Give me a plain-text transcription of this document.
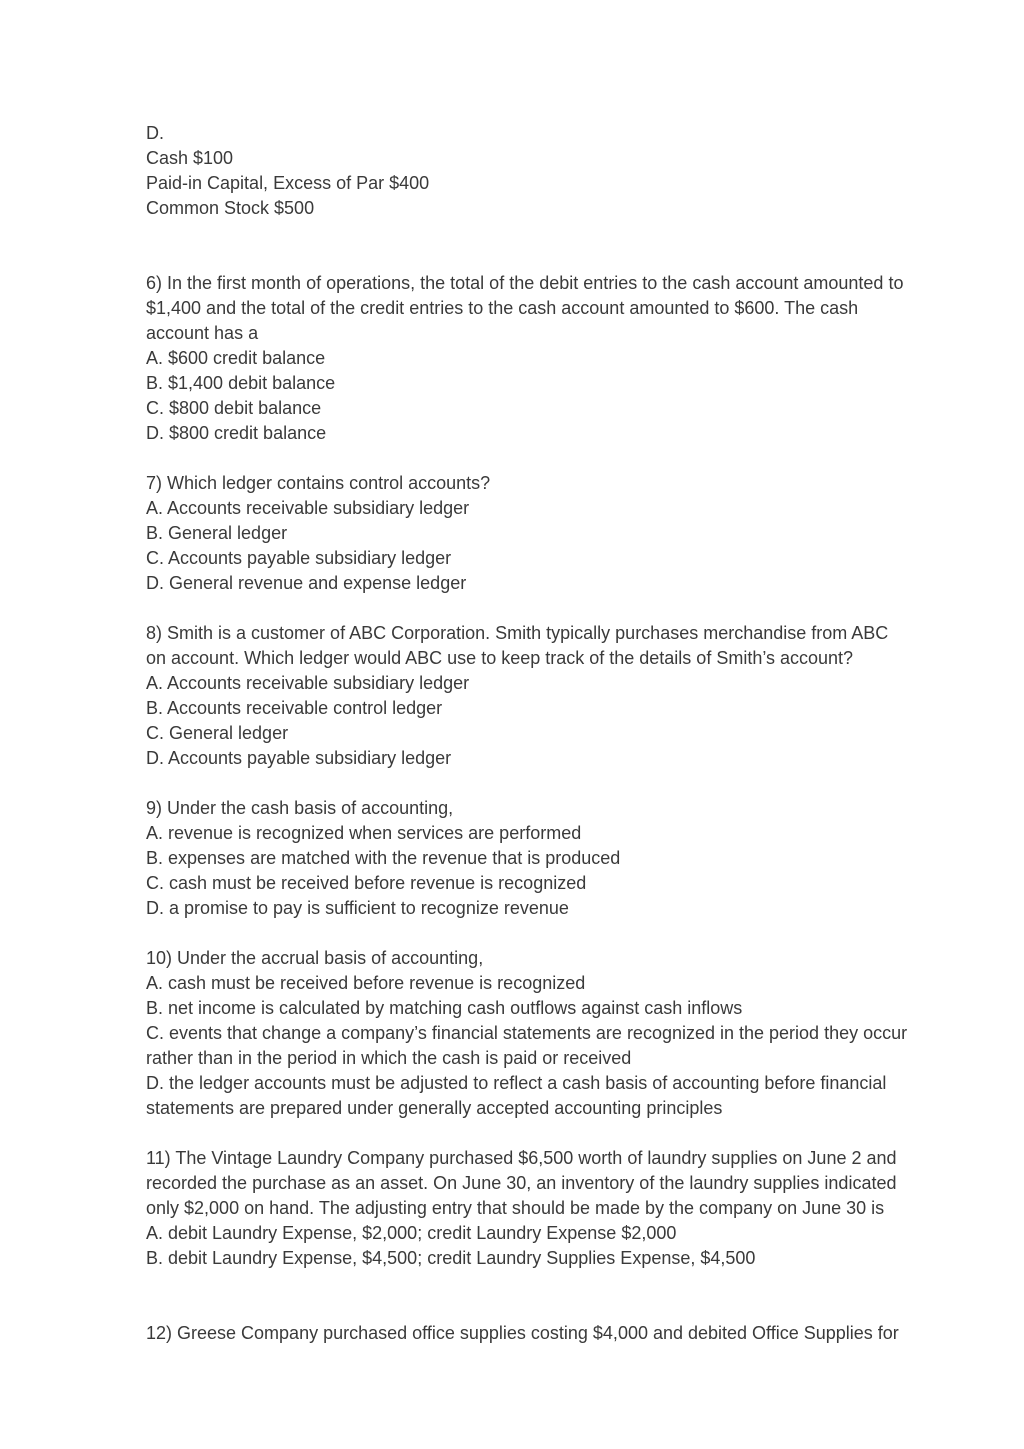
D.
Cash $100
Paid-in Capital, Excess of Par $400
Common Stock $500
6) In the first month of operations, the total of the debit entries to the cash account amounted to
$1,400 and the total of the credit entries to the cash account amounted to $600. The cash
account has a
A. $600 credit balance
B. $1,400 debit balance
C. $800 debit balance
D. $800 credit balance
7) Which ledger contains control accounts?
A. Accounts receivable subsidiary ledger
B. General ledger
C. Accounts payable subsidiary ledger
D. General revenue and expense ledger
8) Smith is a customer of ABC Corporation. Smith typically purchases merchandise from ABC
on account. Which ledger would ABC use to keep track of the details of Smith’s account?
A. Accounts receivable subsidiary ledger
B. Accounts receivable control ledger
C. General ledger
D. Accounts payable subsidiary ledger
9) Under the cash basis of accounting,
A. revenue is recognized when services are performed
B. expenses are matched with the revenue that is produced
C. cash must be received before revenue is recognized
D. a promise to pay is sufficient to recognize revenue
10) Under the accrual basis of accounting,
A. cash must be received before revenue is recognized
B. net income is calculated by matching cash outflows against cash inflows
C. events that change a company’s financial statements are recognized in the period they occur
rather than in the period in which the cash is paid or received
D. the ledger accounts must be adjusted to reflect a cash basis of accounting before financial
statements are prepared under generally accepted accounting principles
11) The Vintage Laundry Company purchased $6,500 worth of laundry supplies on June 2 and
recorded the purchase as an asset. On June 30, an inventory of the laundry supplies indicated
only $2,000 on hand. The adjusting entry that should be made by the company on June 30 is
A. debit Laundry Expense, $2,000; credit Laundry Expense $2,000
B. debit Laundry Expense, $4,500; credit Laundry Supplies Expense, $4,500
12) Greese Company purchased office supplies costing $4,000 and debited Office Supplies for
